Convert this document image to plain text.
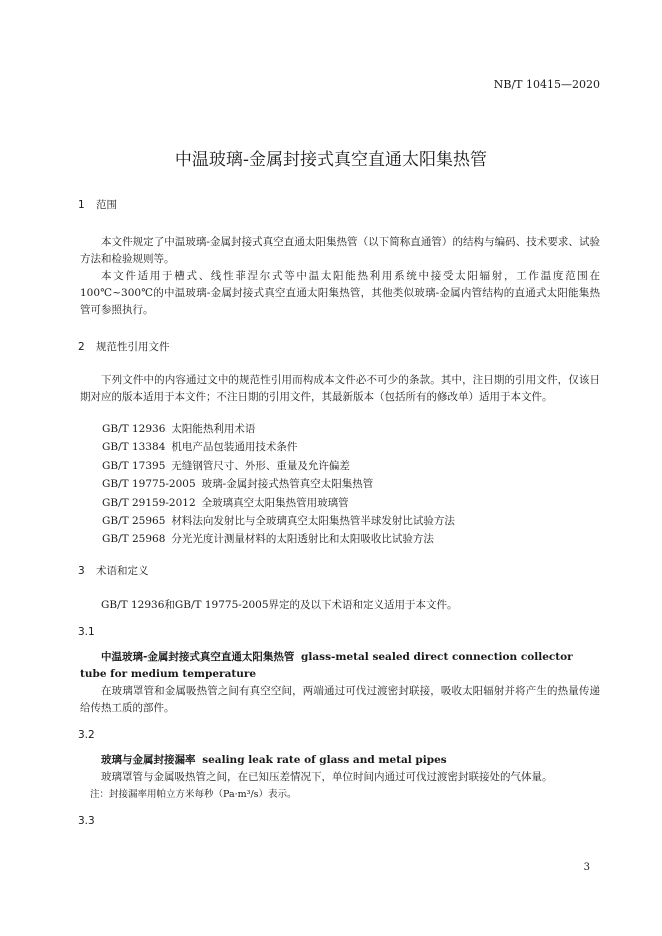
NB/T 10415—2020
中温玻璃-金属封接式真空直通太阳集热管
1 范围

本文件规定了中温玻璃-金属封接式真空直通太阳集热管（以下简称直通管）的结构与编码、技术要求、试验方法和检验规则等。

本文件适用于槽式、线性菲涅尔式等中温太阳能热利用系统中接受太阳辐射，工作温度范围在100℃~300℃的中温玻璃-金属封接式真空直通太阳集热管，其他类似玻璃-金属内管结构的直通式太阳能集热管可参照执行。

2 规范性引用文件

下列文件中的内容通过文中的规范性引用而构成本文件必不可少的条款。其中，注日期的引用文件，仅该日期对应的版本适用于本文件；不注日期的引用文件，其最新版本（包括所有的修改单）适用于本文件。

GB/T 12936 太阳能热利用术语
GB/T 13384 机电产品包装通用技术条件
GB/T 17395 无缝钢管尺寸、外形、重量及允许偏差
GB/T 19775-2005 玻璃-金属封接式热管真空太阳集热管
GB/T 29159-2012 全玻璃真空太阳集热管用玻璃管
GB/T 25965 材料法向发射比与全玻璃真空太阳集热管半球发射比试验方法
GB/T 25968 分光光度计测量材料的太阳透射比和太阳吸收比试验方法
3 术语和定义

GB/T 12936和GB/T 19775-2005界定的及以下术语和定义适用于本文件。

3.1
中温玻璃-金属封接式真空直通太阳集热管 glass-metal sealed direct connection collector tube for medium temperature
在玻璃罩管和金属吸热管之间有真空空间，两端通过可伐过渡密封联接，吸收太阳辐射并将产生的热量传递给传热工质的部件。
3.2
玻璃与金属封接漏率 sealing leak rate of glass and metal pipes
玻璃罩管与金属吸热管之间，在已知压差情况下，单位时间内通过可伐过渡密封联接处的气体量。
注：封接漏率用帕立方米每秒（Pa·m³/s）表示。
3.3
3
